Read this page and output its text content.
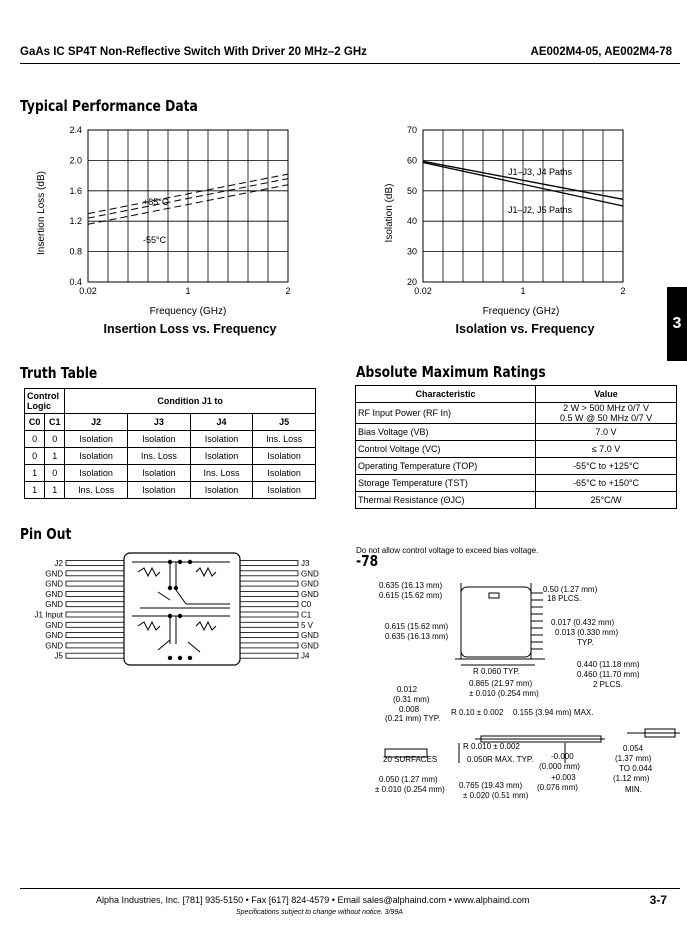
GaAs IC SP4T Non-Reflective Switch With Driver 20 MHz–2 GHz	AE002M4-05, AE002M4-78
3
Typical Performance Data
Truth Table	Absolute Maximum Ratings
Pin Out
-78
0.4
0.8
1.2
1.6
2.0
2.4
0.02	1	2
+85°C
-55°C
Insertion Loss (dB)
Frequency (GHz)
Insertion Loss vs. Frequency
20
30
40
50
60
70
0.02	1	2
J1–J3, J4 Paths
J1–J2, J5 Paths
Isolation (dB)
Frequency (GHz)
Isolation vs. Frequency
Control Logic		Condition J1 to			
C0	C1	J2	J3	J4	J5
0	0	Isolation	Isolation	Isolation	Ins. Loss
0	1	Isolation	Ins. Loss	Isolation	Isolation
1	0	Isolation	Isolation	Ins. Loss	Isolation
1	1	Ins. Loss	Isolation	Isolation	Isolation
Characteristic	Value
RF Input Power (RF In)	2 W > 500 MHz 0/7 V
0.5 W @ 50 MHz 0/7 V
Bias Voltage (VB)	7.0 V
Control Voltage (VC)	≤ 7.0 V
Operating Temperature (TOP)	-55°C to +125°C
Storage Temperature (TST)	-65°C to +150°C
Thermal Resistance (ΘJC)	25°C/W
Do not allow control voltage to exceed bias voltage.
J2
GND
GND
GND
GND
J1 Input
GND
GND
GND
J5
J3
GND
GND
GND
C0
C1
5 V
GND
GND
J4
0.635 (16.13 mm)
0.615 (15.62 mm)
0.50 (1.27 mm)
18 PLCS.
0.615 (15.62 mm)
0.635 (16.13 mm)
0.017 (0.432 mm)
0.013 (0.330 mm)
TYP.
0.440 (11.18 mm)
0.460 (11.70 mm)
2 PLCS.
R 0.060 TYP.
0.865 (21.97 mm)
± 0.010 (0.254 mm)
0.012
(0.31 mm)
0.008
(0.21 mm) TYP.
R 0.10 ± 0.002 0.155 (3.94 mm) MAX.
R 0.010 ± 0.002
20 SURFACES	0.050R MAX. TYP. -0.000
(0.000 mm)
+0.003
(0.076 mm)
0.054
(1.37 mm)
TO 0.044
(1.12 mm)
MIN.
0.050 (1.27 mm)
± 0.010 (0.254 mm) 0.765 (19.43 mm)
± 0.020 (0.51 mm)
Alpha Industries, Inc. [781] 935-5150 • Fax [617] 824-4579 • Email sales@alphaind.com • www.alphaind.com	3-7
Specifications subject to change without notice. 3/99A
